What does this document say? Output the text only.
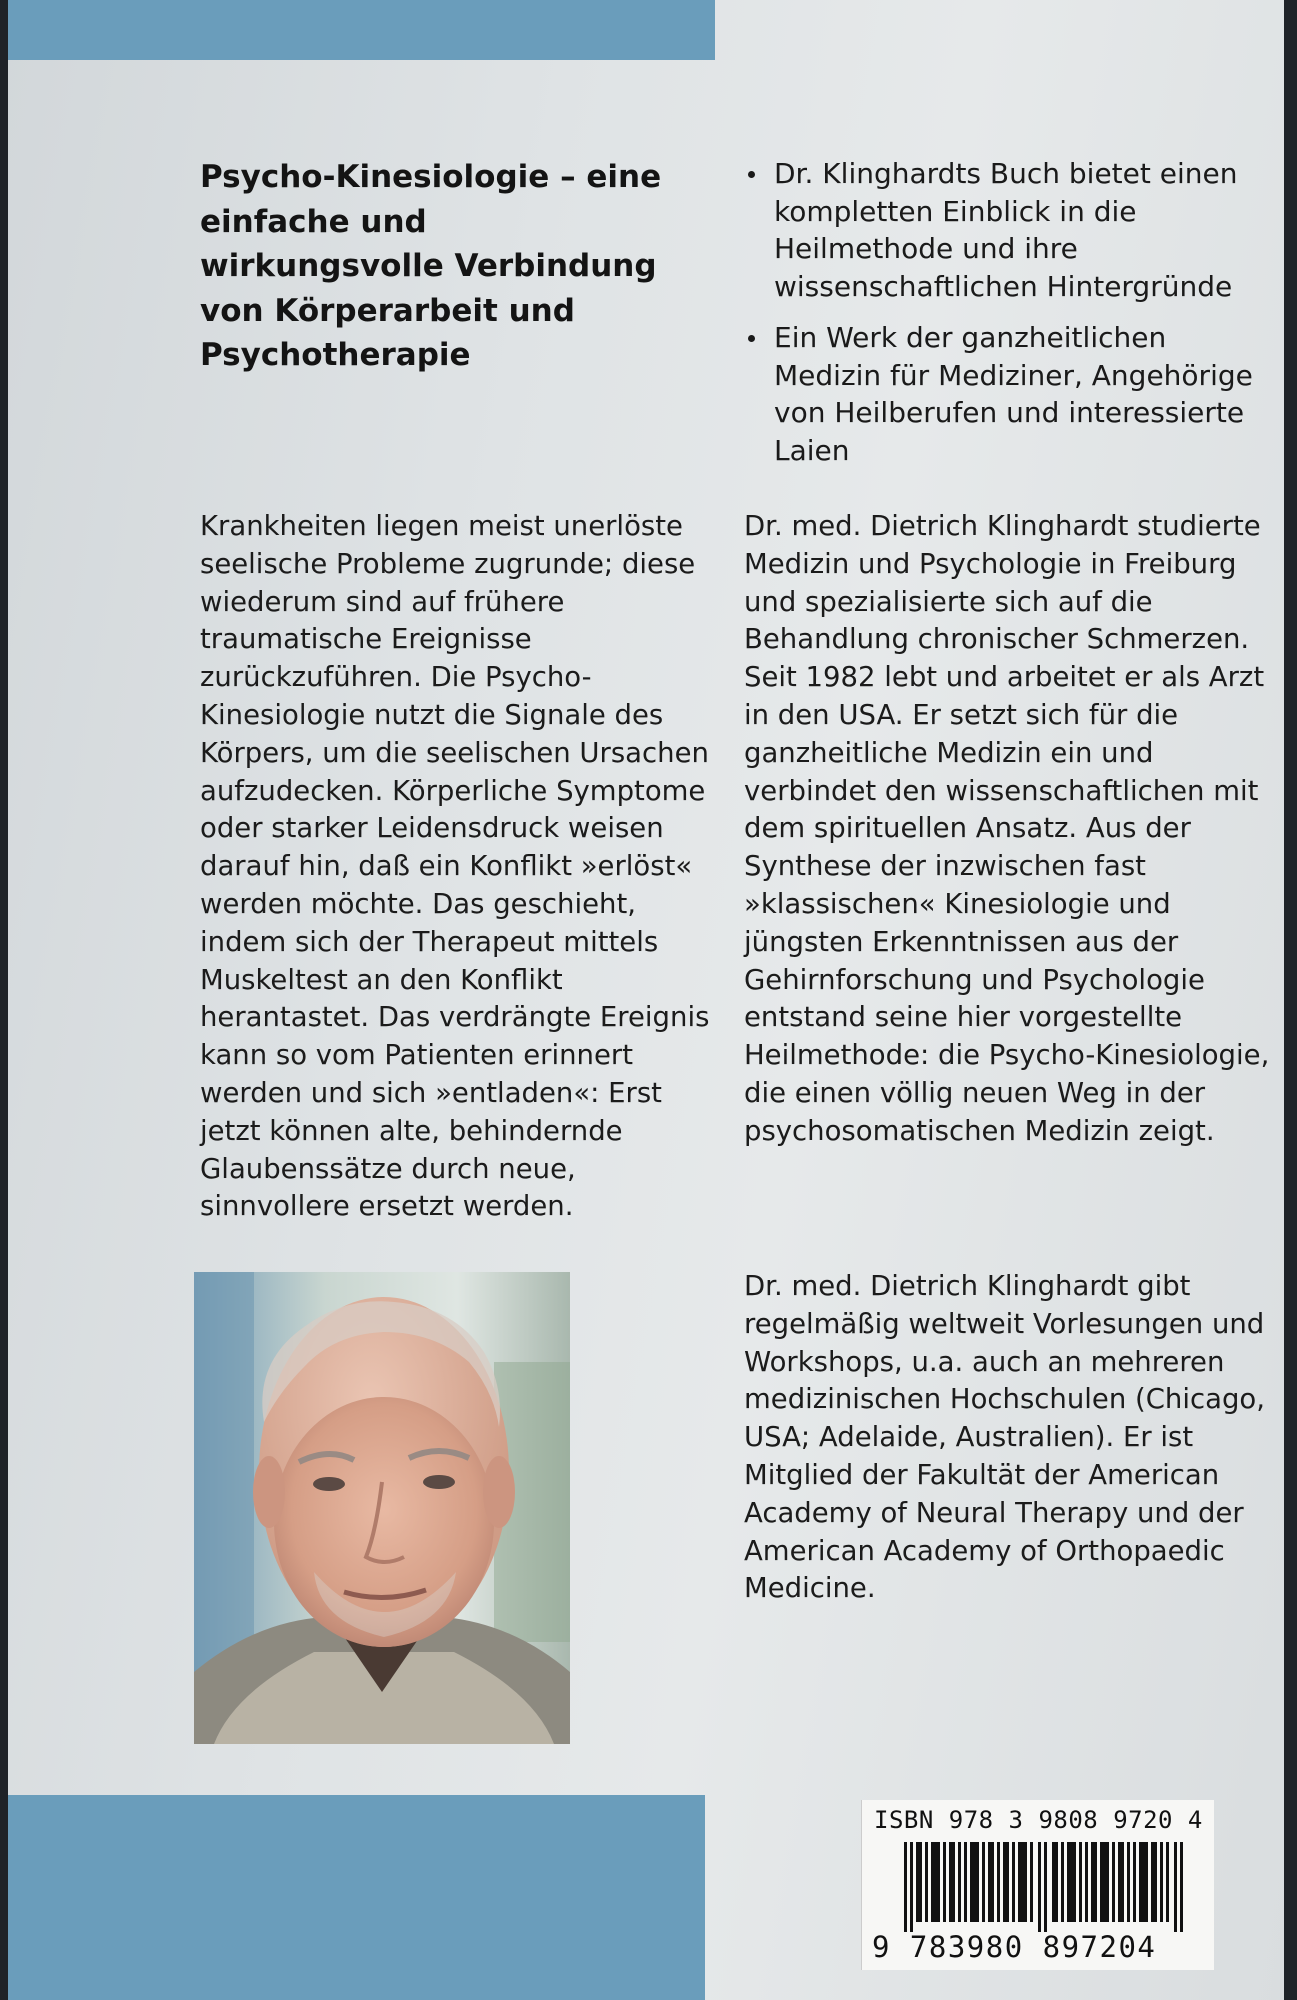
Psycho-Kinesiologie – eine einfache und wirkungsvolle Verbindung von Körperarbeit und Psychotherapie
Dr. Klinghardts Buch bietet einen kompletten Einblick in die Heilmethode und ihre wissenschaftlichen Hintergründe
Ein Werk der ganzheitlichen Medizin für Mediziner, Angehörige von Heilberufen und interessierte Laien

Krankheiten liegen meist unerlöste seelische Probleme zugrunde; diese wiederum sind auf frühere traumatische Ereignisse zurückzuführen. Die Psycho-Kinesiologie nutzt die Signale des Körpers, um die seelischen Ursachen aufzudecken. Körperliche Symptome oder starker Leidensdruck weisen darauf hin, daß ein Konflikt »erlöst« werden möchte. Das geschieht, indem sich der Therapeut mittels Muskeltest an den Konflikt herantastet. Das verdrängte Ereignis kann so vom Patienten erinnert werden und sich »entladen«: Erst jetzt können alte, behindernde Glaubenssätze durch neue, sinnvollere ersetzt werden.

Dr. med. Dietrich Klinghardt studierte Medizin und Psychologie in Freiburg und spezialisierte sich auf die Behandlung chronischer Schmerzen. Seit 1982 lebt und arbeitet er als Arzt in den USA. Er setzt sich für die ganzheitliche Medizin ein und verbindet den wissenschaftlichen mit dem spirituellen Ansatz. Aus der Synthese der inzwischen fast »klassischen« Kinesiologie und jüngsten Erkenntnissen aus der Gehirnforschung und Psychologie entstand seine hier vorgestellte Heilmethode: die Psycho-Kinesiologie, die einen völlig neuen Weg in der psychosomatischen Medizin zeigt.

Dr. med. Dietrich Klinghardt gibt regelmäßig weltweit Vorlesungen und Workshops, u.a. auch an mehreren medizinischen Hochschulen (Chicago, USA; Adelaide, Australien). Er ist Mitglied der Fakultät der American Academy of Neural Therapy und der American Academy of Orthopaedic Medicine.

ISBN 978 3 9808 9720 4
9 783980 897204
